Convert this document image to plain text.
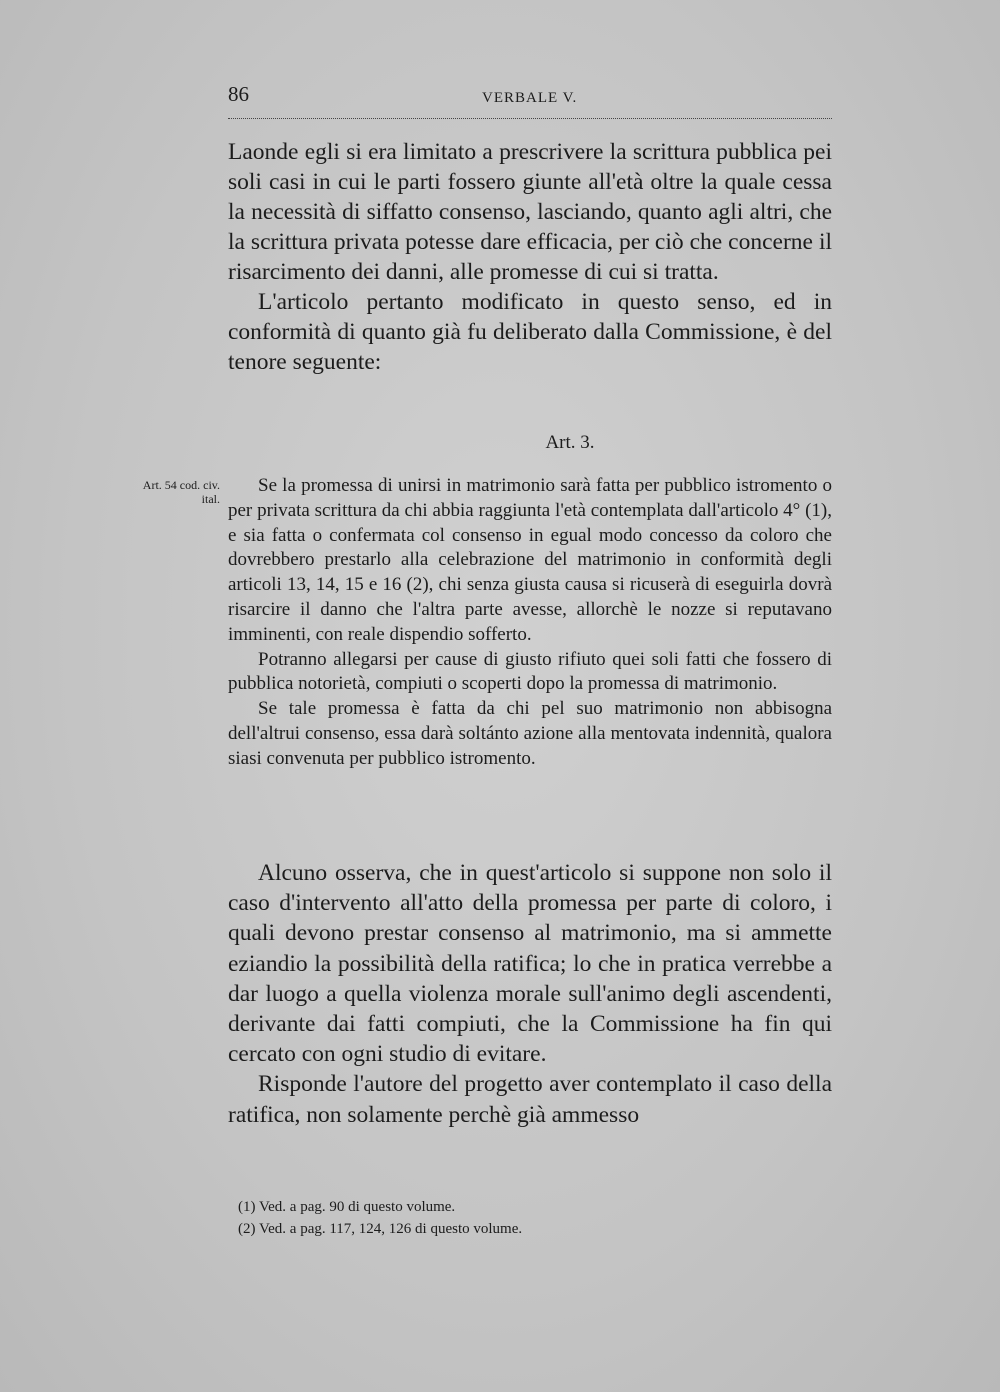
86	VERBALE V.

Laonde egli si era limitato a prescrivere la scrittura pubblica pei soli casi in cui le parti fossero giunte all'età oltre la quale cessa la necessità di siffatto consenso, lasciando, quanto agli altri, che la scrittura privata potesse dare efficacia, per ciò che concerne il risarcimento dei danni, alle promesse di cui si tratta.

L'articolo pertanto modificato in questo senso, ed in conformità di quanto già fu deliberato dalla Commissione, è del tenore seguente:

Art. 3.
Art. 54 cod. civ. ital.

Se la promessa di unirsi in matrimonio sarà fatta per pubblico istromento o per privata scrittura da chi abbia raggiunta l'età contemplata dall'articolo 4° (1), e sia fatta o confermata col consenso in egual modo concesso da coloro che dovrebbero prestarlo alla celebrazione del matrimonio in conformità degli articoli 13, 14, 15 e 16 (2), chi senza giusta causa si ricuserà di eseguirla dovrà risarcire il danno che l'altra parte avesse, allorchè le nozze si reputavano imminenti, con reale dispendio sofferto.

Potranno allegarsi per cause di giusto rifiuto quei soli fatti che fossero di pubblica notorietà, compiuti o scoperti dopo la promessa di matrimonio.

Se tale promessa è fatta da chi pel suo matrimonio non abbisogna dell'altrui consenso, essa darà soltánto azione alla mentovata indennità, qualora siasi convenuta per pubblico istromento.

Alcuno osserva, che in quest'articolo si suppone non solo il caso d'intervento all'atto della promessa per parte di coloro, i quali devono prestar consenso al matrimonio, ma si ammette eziandio la possibilità della ratifica; lo che in pratica verrebbe a dar luogo a quella violenza morale sull'animo degli ascendenti, derivante dai fatti compiuti, che la Commissione ha fin qui cercato con ogni studio di evitare.

Risponde l'autore del progetto aver contemplato il caso della ratifica, non solamente perchè già ammesso

(1) Ved. a pag. 90 di questo volume.
(2) Ved. a pag. 117, 124, 126 di questo volume.
